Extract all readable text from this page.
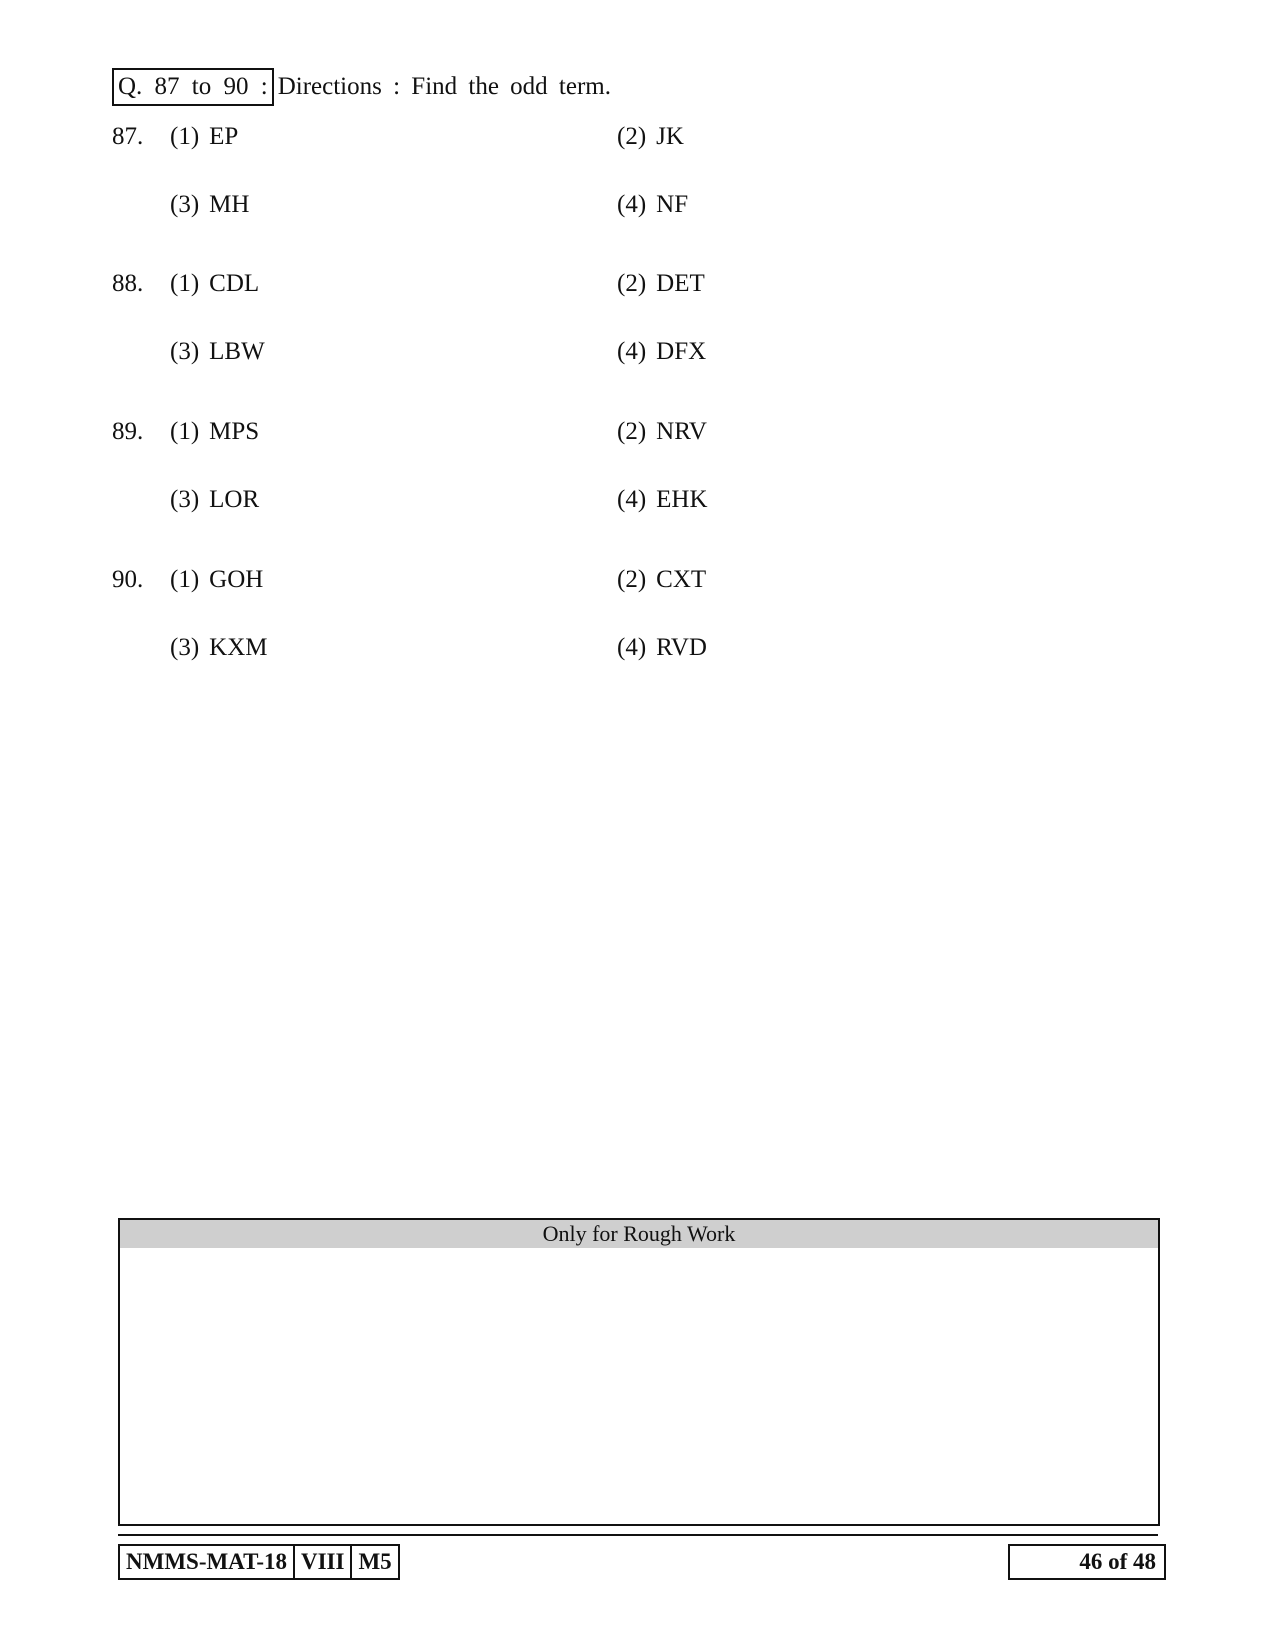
Q. 87 to 90 : Directions : Find the odd term.
87. (1) EP	(2) JK
(3) MH	(4) NF
88. (1) CDL	(2) DET
(3) LBW	(4) DFX
89. (1) MPS	(2) NRV
(3) LOR	(4) EHK
90. (1) GOH	(2) CXT
(3) KXM	(4) RVD
Only for Rough Work
NMMS-MAT-18 VIII M5	46 of 48
